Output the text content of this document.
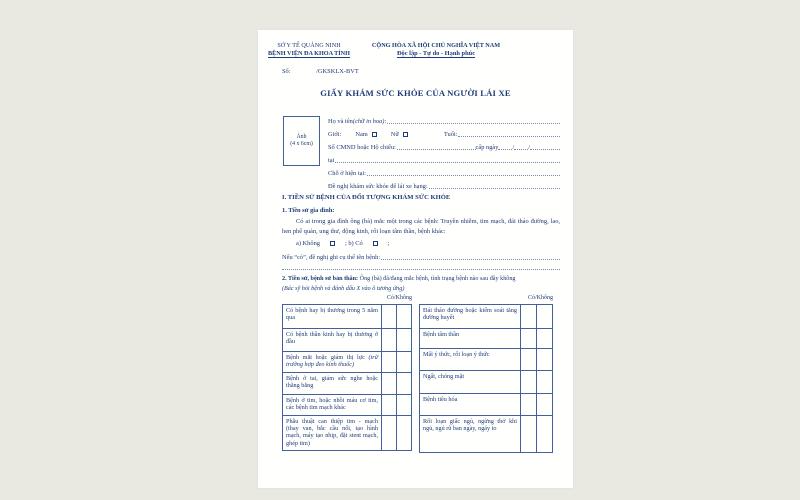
SỞ Y TẾ QUẢNG NINH
BỆNH VIỆN ĐA KHOA TỈNH
CỘNG HÒA XÃ HỘI CHỦ NGHĨA VIỆT NAM
Độc lập - Tự do - Hạnh phúc
Số:	/GKSKLX-BVT
GIẤY KHÁM SỨC KHỎE CỦA NGƯỜI LÁI XE
Ảnh
(4 x 6cm)
Họ và tên (chữ in hoa) :
Giới: Nam	Nữ	Tuổi:
Số CMND hoặc Hộ chiếu:	cấp ngày / /
tại
Chỗ ở hiện tại:
Đề nghị khám sức khỏe để lái xe hạng:
I. TIỀN SỬ BỆNH CỦA ĐỐI TƯỢNG KHÁM SỨC KHỎE
1. Tiền sử gia đình:
Có ai trong gia đình ông (bà) mắc một trong các bệnh: Truyền nhiễm, tim mạch, đái tháo đường, lao, hen phế quản, ung thư, động kinh, rối loạn tâm thần, bệnh khác:
a) Không	; b) Có	;
Nếu “có”, đề nghị ghi cụ thể tên bệnh:
2. Tiền sử, bệnh sử bản thân: Ông (bà) đã/đang mắc bệnh, tình trạng bệnh nào sau đây không
(Bác sỹ hỏi bệnh và đánh dấu X vào ô tương ứng)
Có/Không	Có/Không
Có bệnh hay bị thương trong 5 năm qua
Có bệnh thần kinh hay bị thương ở đầu
Bệnh mắt hoặc giảm thị lực (trừ trường hợp đeo kính thuốc)
Bệnh ở tai, giảm sức nghe hoặc thăng bằng
Bệnh ở tim, hoặc nhồi máu cơ tim, các bệnh tim mạch khác
Phẫu thuật can thiệp tim - mạch (thay van, bắc cầu nối, tạo hình mạch, máy tạo nhịp, đặt stent mạch, ghép tim)
Đái tháo đường hoặc kiểm soát tăng đường huyết
Bệnh tâm thần
Mất ý thức, rối loạn ý thức
Ngất, chóng mặt
Bệnh tiêu hóa
Rối loạn giấc ngủ, ngừng thở khi ngủ, ngủ rũ ban ngày, ngáy to
